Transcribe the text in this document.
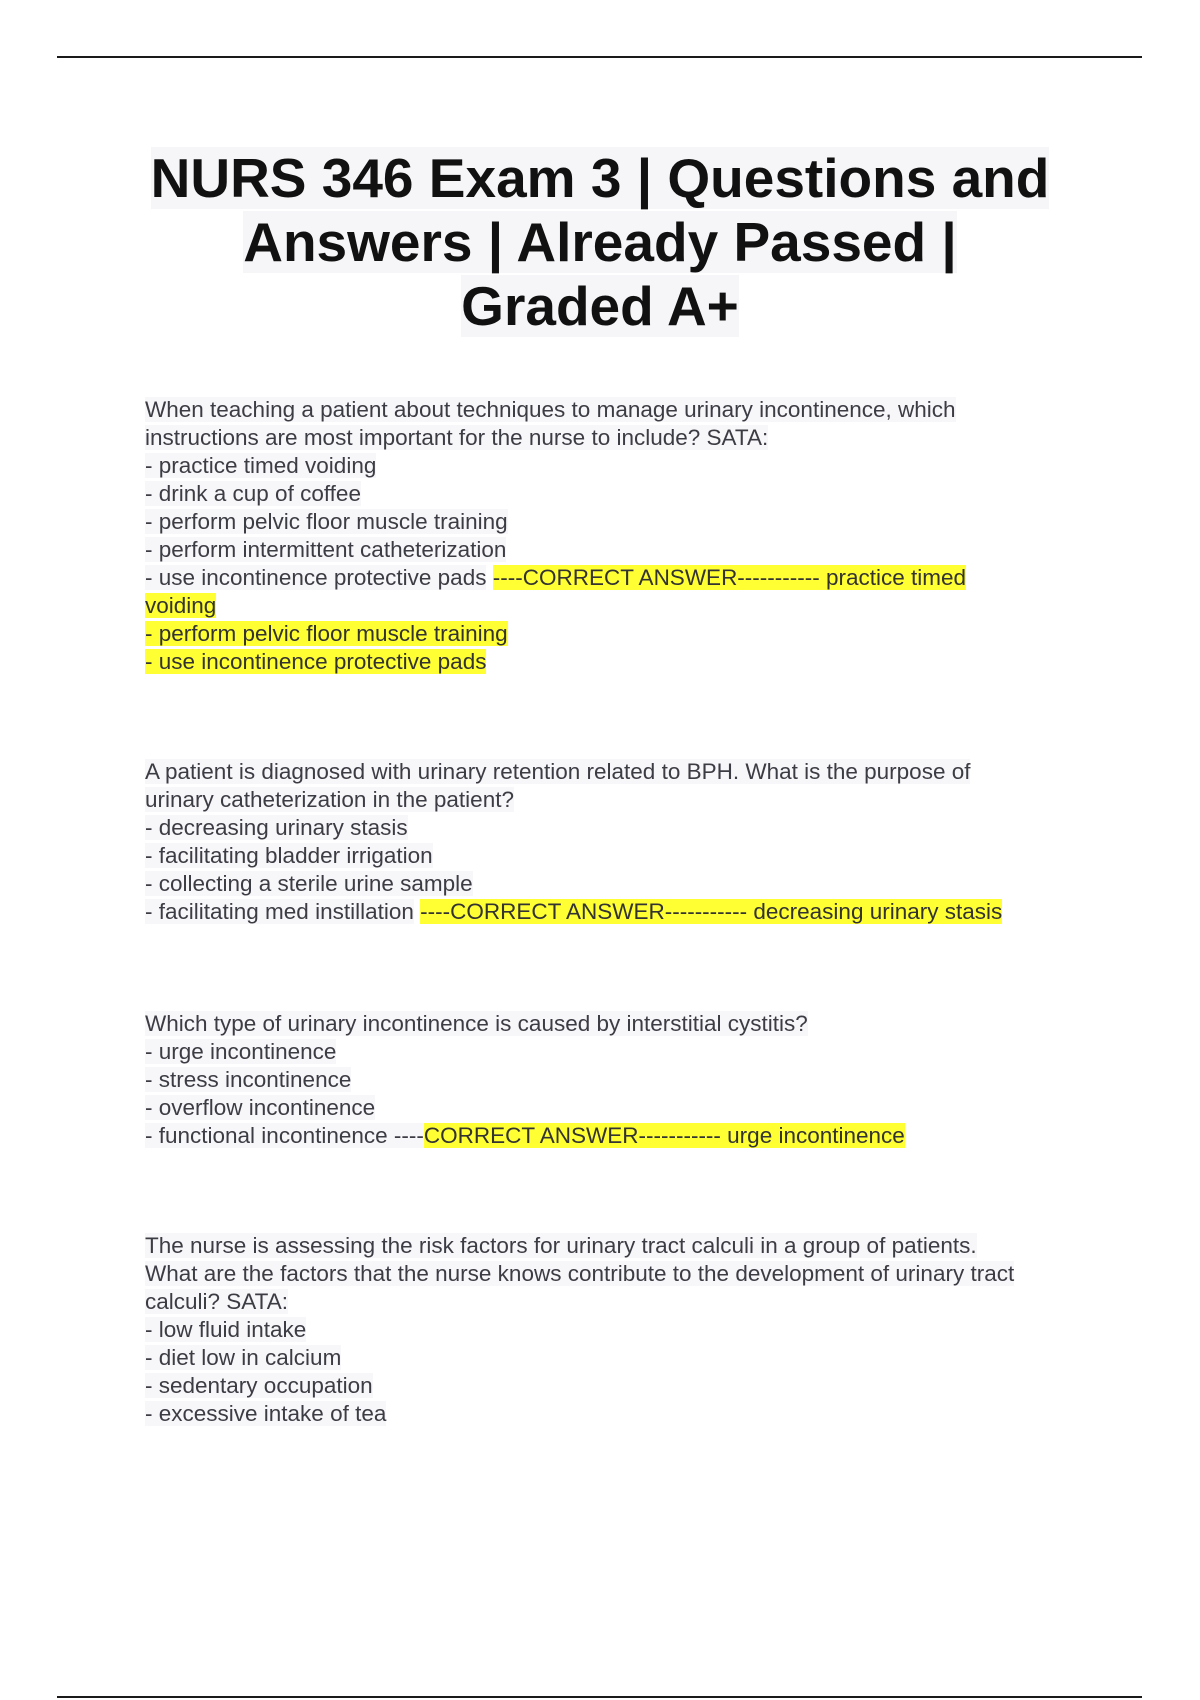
NURS 346 Exam 3 | Questions and
Answers | Already Passed |
Graded A+
When teaching a patient about techniques to manage urinary incontinence, which
instructions are most important for the nurse to include? SATA:
- practice timed voiding
- drink a cup of coffee
- perform pelvic floor muscle training
- perform intermittent catheterization
- use incontinence protective pads ----CORRECT ANSWER----------- practice timed
voiding
- perform pelvic floor muscle training
- use incontinence protective pads
A patient is diagnosed with urinary retention related to BPH. What is the purpose of
urinary catheterization in the patient?
- decreasing urinary stasis
- facilitating bladder irrigation
- collecting a sterile urine sample
- facilitating med instillation ----CORRECT ANSWER----------- decreasing urinary stasis
Which type of urinary incontinence is caused by interstitial cystitis?
- urge incontinence
- stress incontinence
- overflow incontinence
- functional incontinence ----CORRECT ANSWER----------- urge incontinence
The nurse is assessing the risk factors for urinary tract calculi in a group of patients.
What are the factors that the nurse knows contribute to the development of urinary tract
calculi? SATA:
- low fluid intake
- diet low in calcium
- sedentary occupation
- excessive intake of tea
